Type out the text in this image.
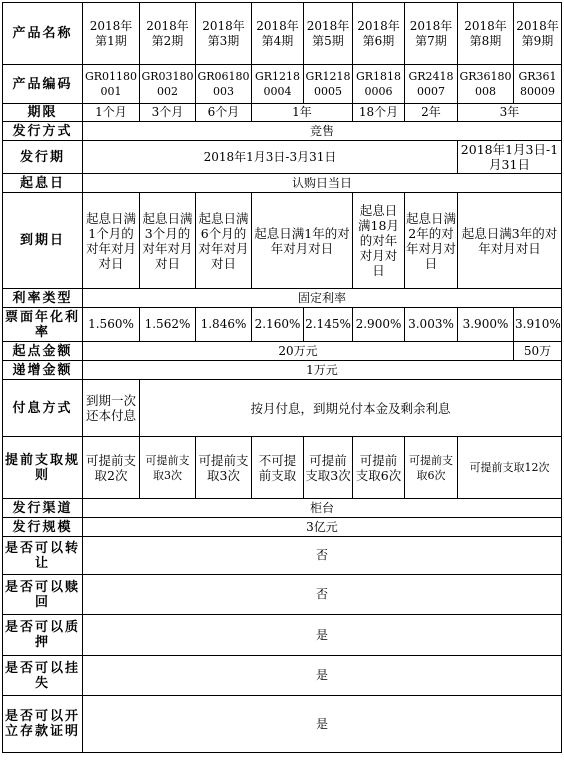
产品名称	2018年第1期	2018年第2期	2018年第3期	2018年第4期	2018年第5期	2018年第6期	2018年第7期	2018年第8期	2018年第9期
产品编码	GR01180001	GR03180002	GR06180003	GR12180004	GR12180005	GR18180006	GR24180007	GR36180008	GR36180009
期限	1个月	3个月	6个月	1年		18个月	2年	3年	
发行方式	竞售								
发行期	2018年1月3日-3月31日							2018年1月3日-1月31日	
起息日	认购日当日								
到期日	起息日满1个月的对年对月对日	起息日满3个月的对年对月对日	起息日满6个月的对年对月对日	起息日满1年的对年对月对日		起息日满18月的对年对月对日	起息日满2年的对年对月对日	起息日满3年的对年对月对日	
利率类型	固定利率								
票面年化利率	1.560%	1.562%	1.846%	2.160%	2.145%	2.900%	3.003%	3.900%	3.910%
起点金额	20万元								50万
递增金额	1万元								
付息方式	到期一次还本付息	按月付息，到期兑付本金及剩余利息							
提前支取规则	可提前支取2次	可提前支取3次	可提前支取3次	不可提前支取	可提前支取3次	可提前支取6次	可提前支取6次	可提前支取12次	
发行渠道	柜台								
发行规模	3亿元								
是否可以转让	否								
是否可以赎回	否								
是否可以质押	是								
是否可以挂失	是								
是否可以开立存款证明	是								
